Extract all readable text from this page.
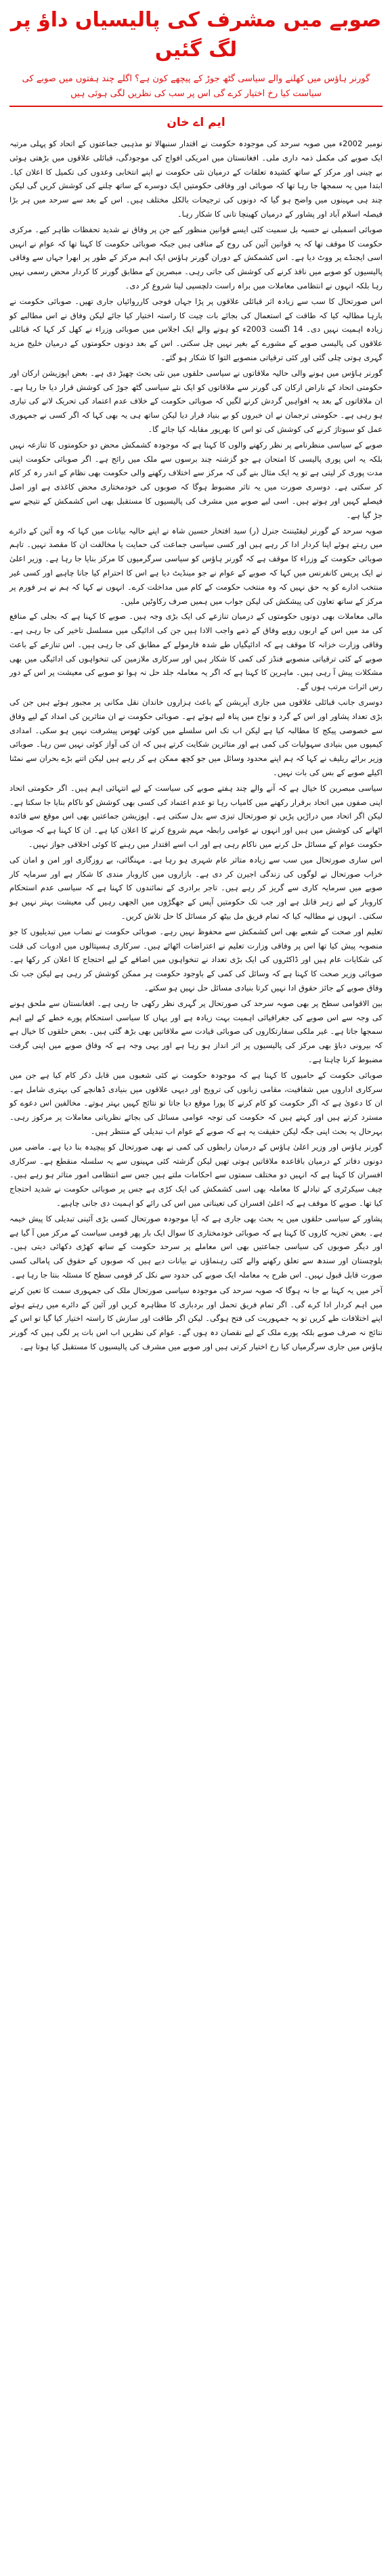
صوبے میں مشرف کی پالیسیاں داؤ پر لگ گئیں
گورنر ہاؤس میں کھلنے والے سیاسی گٹھ جوڑ کے پیچھے کون ہے؟ اگلے چند ہفتوں میں صوبے کی سیاست کیا رخ اختیار کرے گی اس پر سب کی نظریں لگی ہوئی ہیں
ایم اے خان

نومبر 2002ء میں صوبہ سرحد کی موجودہ حکومت نے اقتدار سنبھالا تو مذہبی جماعتوں کے اتحاد کو پہلی مرتبہ ایک صوبے کی مکمل ذمہ داری ملی۔ افغانستان میں امریکی افواج کی موجودگی، قبائلی علاقوں میں بڑھتی ہوئی بے چینی اور مرکز کے ساتھ کشیدہ تعلقات کے درمیان نئی حکومت نے اپنے انتخابی وعدوں کی تکمیل کا اعلان کیا۔ ابتدا میں یہ سمجھا جا رہا تھا کہ صوبائی اور وفاقی حکومتیں ایک دوسرے کے ساتھ چلنے کی کوشش کریں گی لیکن چند ہی مہینوں میں واضح ہو گیا کہ دونوں کی ترجیحات بالکل مختلف ہیں۔ اس کے بعد سے سرحد میں ہر بڑا فیصلہ اسلام آباد اور پشاور کے درمیان کھینچا تانی کا شکار رہا۔

صوبائی اسمبلی نے حسبہ بل سمیت کئی ایسے قوانین منظور کیے جن پر وفاق نے شدید تحفظات ظاہر کیے۔ مرکزی حکومت کا موقف تھا کہ یہ قوانین آئین کی روح کے منافی ہیں جبکہ صوبائی حکومت کا کہنا تھا کہ عوام نے انہیں اسی ایجنڈے پر ووٹ دیا ہے۔ اس کشمکش کے دوران گورنر ہاؤس ایک اہم مرکز کے طور پر ابھرا جہاں سے وفاقی پالیسیوں کو صوبے میں نافذ کرنے کی کوشش کی جاتی رہی۔ مبصرین کے مطابق گورنر کا کردار محض رسمی نہیں رہا بلکہ انہوں نے انتظامی معاملات میں براہ راست دلچسپی لینا شروع کر دی۔

اس صورتحال کا سب سے زیادہ اثر قبائلی علاقوں پر پڑا جہاں فوجی کارروائیاں جاری تھیں۔ صوبائی حکومت نے بارہا مطالبہ کیا کہ طاقت کے استعمال کی بجائے بات چیت کا راستہ اختیار کیا جائے لیکن وفاق نے اس مطالبے کو زیادہ اہمیت نہیں دی۔ 14 اگست 2003ء کو ہونے والے ایک اجلاس میں صوبائی وزراء نے کھل کر کہا کہ قبائلی علاقوں کی پالیسی صوبے کے مشورے کے بغیر نہیں چل سکتی۔ اس کے بعد دونوں حکومتوں کے درمیان خلیج مزید گہری ہوتی چلی گئی اور کئی ترقیاتی منصوبے التوا کا شکار ہو گئے۔

گورنر ہاؤس میں ہونے والی حالیہ ملاقاتوں نے سیاسی حلقوں میں نئی بحث چھیڑ دی ہے۔ بعض اپوزیشن ارکان اور حکومتی اتحاد کے ناراض ارکان کی گورنر سے ملاقاتوں کو ایک نئے سیاسی گٹھ جوڑ کی کوشش قرار دیا جا رہا ہے۔ ان ملاقاتوں کے بعد یہ افواہیں گردش کرنے لگیں کہ صوبائی حکومت کے خلاف عدم اعتماد کی تحریک لانے کی تیاری ہو رہی ہے۔ حکومتی ترجمان نے ان خبروں کو بے بنیاد قرار دیا لیکن ساتھ ہی یہ بھی کہا کہ اگر کسی نے جمہوری عمل کو سبوتاژ کرنے کی کوشش کی تو اس کا بھرپور مقابلہ کیا جائے گا۔

صوبے کے سیاسی منظرنامے پر نظر رکھنے والوں کا کہنا ہے کہ موجودہ کشمکش محض دو حکومتوں کا تنازعہ نہیں بلکہ یہ اس پوری پالیسی کا امتحان ہے جو گزشتہ چند برسوں سے ملک میں رائج ہے۔ اگر صوبائی حکومت اپنی مدت پوری کر لیتی ہے تو یہ ایک مثال بنے گی کہ مرکز سے اختلاف رکھنے والی حکومت بھی نظام کے اندر رہ کر کام کر سکتی ہے۔ دوسری صورت میں یہ تاثر مضبوط ہوگا کہ صوبوں کی خودمختاری محض کاغذی ہے اور اصل فیصلے کہیں اور ہوتے ہیں۔ اسی لیے صوبے میں مشرف کی پالیسیوں کا مستقبل بھی اس کشمکش کے نتیجے سے جڑ گیا ہے۔

صوبہ سرحد کے گورنر لیفٹیننٹ جنرل (ر) سید افتخار حسین شاہ نے اپنے حالیہ بیانات میں کہا کہ وہ آئین کے دائرے میں رہتے ہوئے اپنا کردار ادا کر رہے ہیں اور کسی سیاسی جماعت کی حمایت یا مخالفت ان کا مقصد نہیں۔ تاہم صوبائی حکومت کے وزراء کا موقف ہے کہ گورنر ہاؤس کو سیاسی سرگرمیوں کا مرکز بنایا جا رہا ہے۔ وزیر اعلیٰ نے ایک پریس کانفرنس میں کہا کہ صوبے کے عوام نے جو مینڈیٹ دیا ہے اس کا احترام کیا جانا چاہیے اور کسی غیر منتخب ادارے کو یہ حق نہیں کہ وہ منتخب حکومت کے کام میں مداخلت کرے۔ انہوں نے کہا کہ ہم نے ہر فورم پر مرکز کے ساتھ تعاون کی پیشکش کی لیکن جواب میں ہمیں صرف رکاوٹیں ملیں۔

مالی معاملات بھی دونوں حکومتوں کے درمیان تنازعے کی ایک بڑی وجہ ہیں۔ صوبے کا کہنا ہے کہ بجلی کے منافع کی مد میں اس کے اربوں روپے وفاق کے ذمے واجب الادا ہیں جن کی ادائیگی میں مسلسل تاخیر کی جا رہی ہے۔ وفاقی وزارت خزانہ کا موقف ہے کہ ادائیگیاں طے شدہ فارمولے کے مطابق کی جا رہی ہیں۔ اس تنازعے کے باعث صوبے کے کئی ترقیاتی منصوبے فنڈز کی کمی کا شکار ہیں اور سرکاری ملازمین کی تنخواہوں کی ادائیگی میں بھی مشکلات پیش آ رہی ہیں۔ ماہرین کا کہنا ہے کہ اگر یہ معاملہ جلد حل نہ ہوا تو صوبے کی معیشت پر اس کے دور رس اثرات مرتب ہوں گے۔

دوسری جانب قبائلی علاقوں میں جاری آپریشن کے باعث ہزاروں خاندان نقل مکانی پر مجبور ہوئے ہیں جن کی بڑی تعداد پشاور اور اس کے گرد و نواح میں پناہ لیے ہوئے ہے۔ صوبائی حکومت نے ان متاثرین کی امداد کے لیے وفاق سے خصوصی پیکج کا مطالبہ کیا ہے لیکن اب تک اس سلسلے میں کوئی ٹھوس پیشرفت نہیں ہو سکی۔ امدادی کیمپوں میں بنیادی سہولیات کی کمی ہے اور متاثرین شکایت کرتے ہیں کہ ان کی آواز کوئی نہیں سن رہا۔ صوبائی وزیر برائے ریلیف نے کہا کہ ہم اپنے محدود وسائل میں جو کچھ ممکن ہے کر رہے ہیں لیکن اتنے بڑے بحران سے نمٹنا اکیلے صوبے کے بس کی بات نہیں۔

سیاسی مبصرین کا خیال ہے کہ آنے والے چند ہفتے صوبے کی سیاست کے لیے انتہائی اہم ہیں۔ اگر حکومتی اتحاد اپنی صفوں میں اتحاد برقرار رکھنے میں کامیاب رہا تو عدم اعتماد کی کسی بھی کوشش کو ناکام بنایا جا سکتا ہے۔ لیکن اگر اتحاد میں دراڑیں پڑیں تو صورتحال تیزی سے بدل سکتی ہے۔ اپوزیشن جماعتیں بھی اس موقع سے فائدہ اٹھانے کی کوشش میں ہیں اور انہوں نے عوامی رابطہ مہم شروع کرنے کا اعلان کیا ہے۔ ان کا کہنا ہے کہ صوبائی حکومت عوام کے مسائل حل کرنے میں ناکام رہی ہے اور اب اسے اقتدار میں رہنے کا کوئی اخلاقی جواز نہیں۔

اس ساری صورتحال میں سب سے زیادہ متاثر عام شہری ہو رہا ہے۔ مہنگائی، بے روزگاری اور امن و امان کی خراب صورتحال نے لوگوں کی زندگی اجیرن کر دی ہے۔ بازاروں میں کاروبار مندی کا شکار ہے اور سرمایہ کار صوبے میں سرمایہ کاری سے گریز کر رہے ہیں۔ تاجر برادری کے نمائندوں کا کہنا ہے کہ سیاسی عدم استحکام کاروبار کے لیے زہر قاتل ہے اور جب تک حکومتیں آپس کے جھگڑوں میں الجھی رہیں گی معیشت بہتر نہیں ہو سکتی۔ انہوں نے مطالبہ کیا کہ تمام فریق مل بیٹھ کر مسائل کا حل تلاش کریں۔

تعلیم اور صحت کے شعبے بھی اس کشمکش سے محفوظ نہیں رہے۔ صوبائی حکومت نے نصاب میں تبدیلیوں کا جو منصوبہ پیش کیا تھا اس پر وفاقی وزارت تعلیم نے اعتراضات اٹھائے ہیں۔ سرکاری ہسپتالوں میں ادویات کی قلت کی شکایات عام ہیں اور ڈاکٹروں کی ایک بڑی تعداد نے تنخواہوں میں اضافے کے لیے احتجاج کا اعلان کر رکھا ہے۔ صوبائی وزیر صحت کا کہنا ہے کہ وسائل کی کمی کے باوجود حکومت ہر ممکن کوشش کر رہی ہے لیکن جب تک وفاق صوبے کے جائز حقوق ادا نہیں کرتا بنیادی مسائل حل نہیں ہو سکتے۔

بین الاقوامی سطح پر بھی صوبہ سرحد کی صورتحال پر گہری نظر رکھی جا رہی ہے۔ افغانستان سے ملحق ہونے کی وجہ سے اس صوبے کی جغرافیائی اہمیت بہت زیادہ ہے اور یہاں کا سیاسی استحکام پورے خطے کے لیے اہم سمجھا جاتا ہے۔ غیر ملکی سفارتکاروں کی صوبائی قیادت سے ملاقاتیں بھی بڑھ گئی ہیں۔ بعض حلقوں کا خیال ہے کہ بیرونی دباؤ بھی مرکز کی پالیسیوں پر اثر انداز ہو رہا ہے اور یہی وجہ ہے کہ وفاق صوبے میں اپنی گرفت مضبوط کرنا چاہتا ہے۔

صوبائی حکومت کے حامیوں کا کہنا ہے کہ موجودہ حکومت نے کئی شعبوں میں قابل ذکر کام کیا ہے جن میں سرکاری اداروں میں شفافیت، مقامی زبانوں کی ترویج اور دیہی علاقوں میں بنیادی ڈھانچے کی بہتری شامل ہے۔ ان کا دعویٰ ہے کہ اگر حکومت کو کام کرنے کا پورا موقع دیا جاتا تو نتائج کہیں بہتر ہوتے۔ مخالفین اس دعوے کو مسترد کرتے ہیں اور کہتے ہیں کہ حکومت کی توجہ عوامی مسائل کی بجائے نظریاتی معاملات پر مرکوز رہی۔ بہرحال یہ بحث اپنی جگہ لیکن حقیقت یہ ہے کہ صوبے کے عوام اب تبدیلی کے منتظر ہیں۔

گورنر ہاؤس اور وزیر اعلیٰ ہاؤس کے درمیان رابطوں کی کمی نے بھی صورتحال کو پیچیدہ بنا دیا ہے۔ ماضی میں دونوں دفاتر کے درمیان باقاعدہ ملاقاتیں ہوتی تھیں لیکن گزشتہ کئی مہینوں سے یہ سلسلہ منقطع ہے۔ سرکاری افسران کا کہنا ہے کہ انہیں دو مختلف سمتوں سے احکامات ملتے ہیں جس سے انتظامی امور متاثر ہو رہے ہیں۔ چیف سیکرٹری کے تبادلے کا معاملہ بھی اسی کشمکش کی ایک کڑی ہے جس پر صوبائی حکومت نے شدید احتجاج کیا تھا۔ صوبے کا موقف ہے کہ اعلیٰ افسران کی تعیناتی میں اس کی رائے کو اہمیت دی جانی چاہیے۔

پشاور کے سیاسی حلقوں میں یہ بحث بھی جاری ہے کہ آیا موجودہ صورتحال کسی بڑی آئینی تبدیلی کا پیش خیمہ ہے۔ بعض تجزیہ کاروں کا کہنا ہے کہ صوبائی خودمختاری کا سوال ایک بار پھر قومی سیاست کے مرکز میں آ گیا ہے اور دیگر صوبوں کی سیاسی جماعتیں بھی اس معاملے پر سرحد حکومت کے ساتھ کھڑی دکھائی دیتی ہیں۔ بلوچستان اور سندھ سے تعلق رکھنے والے کئی رہنماؤں نے بیانات دیے ہیں کہ صوبوں کے حقوق کی پامالی کسی صورت قابل قبول نہیں۔ اس طرح یہ معاملہ ایک صوبے کی حدود سے نکل کر قومی سطح کا مسئلہ بنتا جا رہا ہے۔

آخر میں یہ کہنا بے جا نہ ہوگا کہ صوبہ سرحد کی موجودہ سیاسی صورتحال ملک کی جمہوری سمت کا تعین کرنے میں اہم کردار ادا کرے گی۔ اگر تمام فریق تحمل اور بردباری کا مظاہرہ کریں اور آئین کے دائرے میں رہتے ہوئے اپنے اختلافات طے کریں تو یہ جمہوریت کی فتح ہوگی۔ لیکن اگر طاقت اور سازش کا راستہ اختیار کیا گیا تو اس کے نتائج نہ صرف صوبے بلکہ پورے ملک کے لیے نقصان دہ ہوں گے۔ عوام کی نظریں اب اس بات پر لگی ہیں کہ گورنر ہاؤس میں جاری سرگرمیاں کیا رخ اختیار کرتی ہیں اور صوبے میں مشرف کی پالیسیوں کا مستقبل کیا ہوتا ہے۔
